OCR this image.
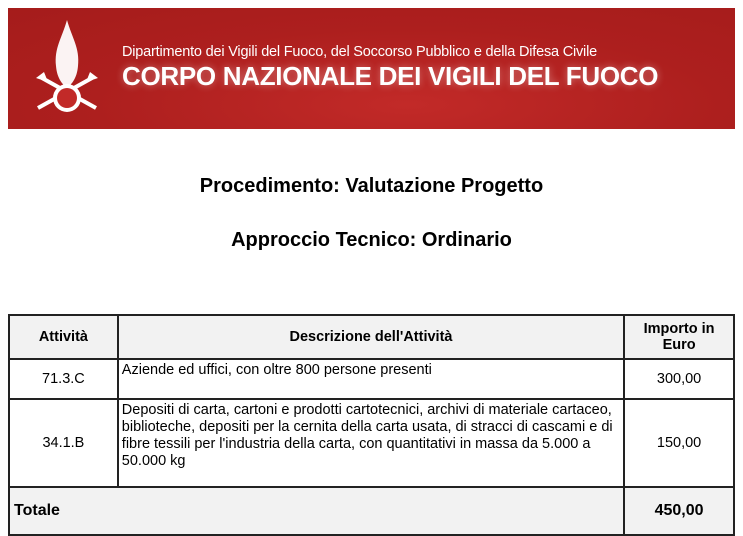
Dipartimento dei Vigili del Fuoco, del Soccorso Pubblico e della Difesa Civile
CORPO NAZIONALE DEI VIGILI DEL FUOCO
Procedimento: Valutazione Progetto
Approccio Tecnico: Ordinario
Attività	Descrizione dell'Attività	Importo in Euro
71.3.C	Aziende ed uffici, con oltre 800 persone presenti	300,00
34.1.B	Depositi di carta, cartoni e prodotti cartotecnici, archivi di materiale cartaceo, biblioteche, depositi per la cernita della carta usata, di stracci di cascami e di fibre tessili per l'industria della carta, con quantitativi in massa da 5.000 a 50.000 kg	150,00
Totale		450,00
